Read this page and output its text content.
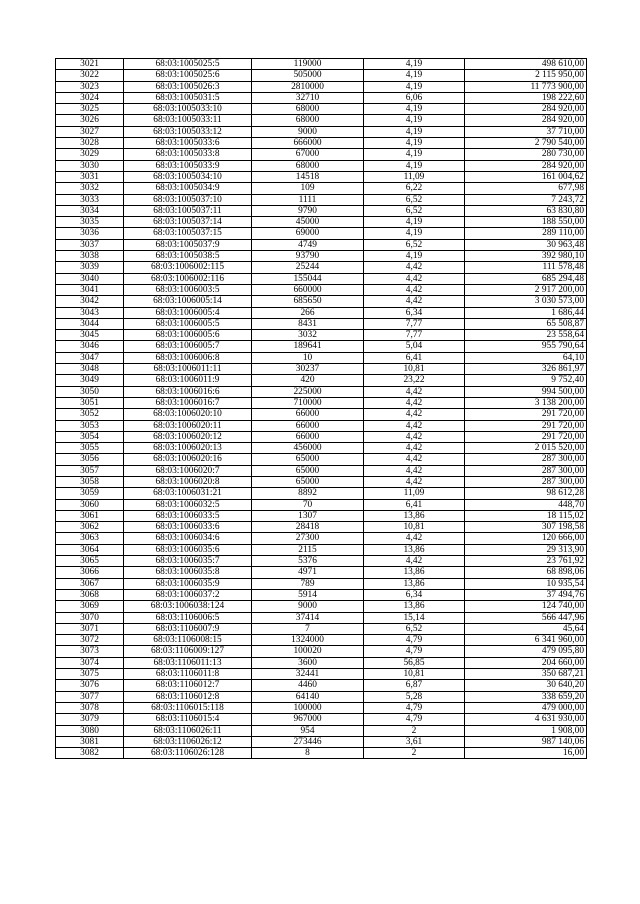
3021	68:03:1005025:5	119000	4,19	498 610,00
3022	68:03:1005025:6	505000	4,19	2 115 950,00
3023	68:03:1005026:3	2810000	4,19	11 773 900,00
3024	68:03:1005031:5	32710	6,06	198 222,60
3025	68:03:1005033:10	68000	4,19	284 920,00
3026	68:03:1005033:11	68000	4,19	284 920,00
3027	68:03:1005033:12	9000	4,19	37 710,00
3028	68:03:1005033:6	666000	4,19	2 790 540,00
3029	68:03:1005033:8	67000	4,19	280 730,00
3030	68:03:1005033:9	68000	4,19	284 920,00
3031	68:03:1005034:10	14518	11,09	161 004,62
3032	68:03:1005034:9	109	6,22	677,98
3033	68:03:1005037:10	1111	6,52	7 243,72
3034	68:03:1005037:11	9790	6,52	63 830,80
3035	68:03:1005037:14	45000	4,19	188 550,00
3036	68:03:1005037:15	69000	4,19	289 110,00
3037	68:03:1005037:9	4749	6,52	30 963,48
3038	68:03:1005038:5	93790	4,19	392 980,10
3039	68:03:1006002:115	25244	4,42	111 578,48
3040	68:03:1006002:116	155044	4,42	685 294,48
3041	68:03:1006003:5	660000	4,42	2 917 200,00
3042	68:03:1006005:14	685650	4,42	3 030 573,00
3043	68:03:1006005:4	266	6,34	1 686,44
3044	68:03:1006005:5	8431	7,77	65 508,87
3045	68:03:1006005:6	3032	7,77	23 558,64
3046	68:03:1006005:7	189641	5,04	955 790,64
3047	68:03:1006006:8	10	6,41	64,10
3048	68:03:1006011:11	30237	10,81	326 861,97
3049	68:03:1006011:9	420	23,22	9 752,40
3050	68:03:1006016:6	225000	4,42	994 500,00
3051	68:03:1006016:7	710000	4,42	3 138 200,00
3052	68:03:1006020:10	66000	4,42	291 720,00
3053	68:03:1006020:11	66000	4,42	291 720,00
3054	68:03:1006020:12	66000	4,42	291 720,00
3055	68:03:1006020:13	456000	4,42	2 015 520,00
3056	68:03:1006020:16	65000	4,42	287 300,00
3057	68:03:1006020:7	65000	4,42	287 300,00
3058	68:03:1006020:8	65000	4,42	287 300,00
3059	68:03:1006031:21	8892	11,09	98 612,28
3060	68:03:1006032:5	70	6,41	448,70
3061	68:03:1006033:5	1307	13,86	18 115,02
3062	68:03:1006033:6	28418	10,81	307 198,58
3063	68:03:1006034:6	27300	4,42	120 666,00
3064	68:03:1006035:6	2115	13,86	29 313,90
3065	68:03:1006035:7	5376	4,42	23 761,92
3066	68:03:1006035:8	4971	13,86	68 898,06
3067	68:03:1006035:9	789	13,86	10 935,54
3068	68:03:1006037:2	5914	6,34	37 494,76
3069	68:03:1006038:124	9000	13,86	124 740,00
3070	68:03:1106006:5	37414	15,14	566 447,96
3071	68:03:1106007:9	7	6,52	45,64
3072	68:03:1106008:15	1324000	4,79	6 341 960,00
3073	68:03:1106009:127	100020	4,79	479 095,80
3074	68:03:1106011:13	3600	56,85	204 660,00
3075	68:03:1106011:8	32441	10,81	350 687,21
3076	68:03:1106012:7	4460	6,87	30 640,20
3077	68:03:1106012:8	64140	5,28	338 659,20
3078	68:03:1106015:118	100000	4,79	479 000,00
3079	68:03:1106015:4	967000	4,79	4 631 930,00
3080	68:03:1106026:11	954	2	1 908,00
3081	68:03:1106026:12	273446	3,61	987 140,06
3082	68:03:1106026:128	8	2	16,00
